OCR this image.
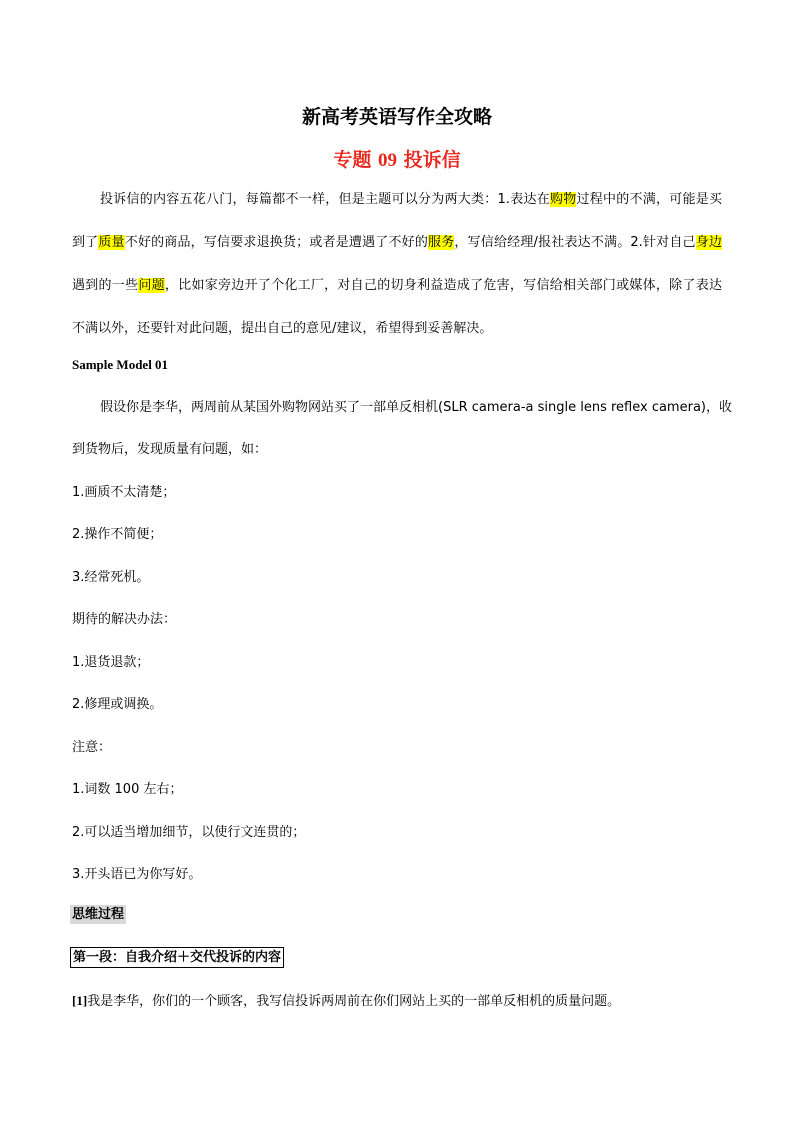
新高考英语写作全攻略
专题 09 投诉信
投诉信的内容五花八门，每篇都不一样，但是主题可以分为两大类：1.表达在购物过程中的不满，可能是买到了质量不好的商品，写信要求退换货；或者是遭遇了不好的服务，写信给经理/报社表达不满。2.针对自己身边遇到的一些问题，比如家旁边开了个化工厂，对自己的切身利益造成了危害，写信给相关部门或媒体，除了表达不满以外，还要针对此问题，提出自己的意见/建议，希望得到妥善解决。
Sample Model 01
假设你是李华，两周前从某国外购物网站买了一部单反相机(SLR camera-a single lens reflex camera)，收
到货物后，发现质量有问题，如：
1.画质不太清楚；
2.操作不简便；
3.经常死机。
期待的解决办法：
1.退货退款；
2.修理或调换。
注意：
1.词数 100 左右；
2.可以适当增加细节，以使行文连贯的；
3.开头语已为你写好。
思维过程
第一段：自我介绍＋交代投诉的内容
[1]我是李华，你们的一个顾客，我写信投诉两周前在你们网站上买的一部单反相机的质量问题。
